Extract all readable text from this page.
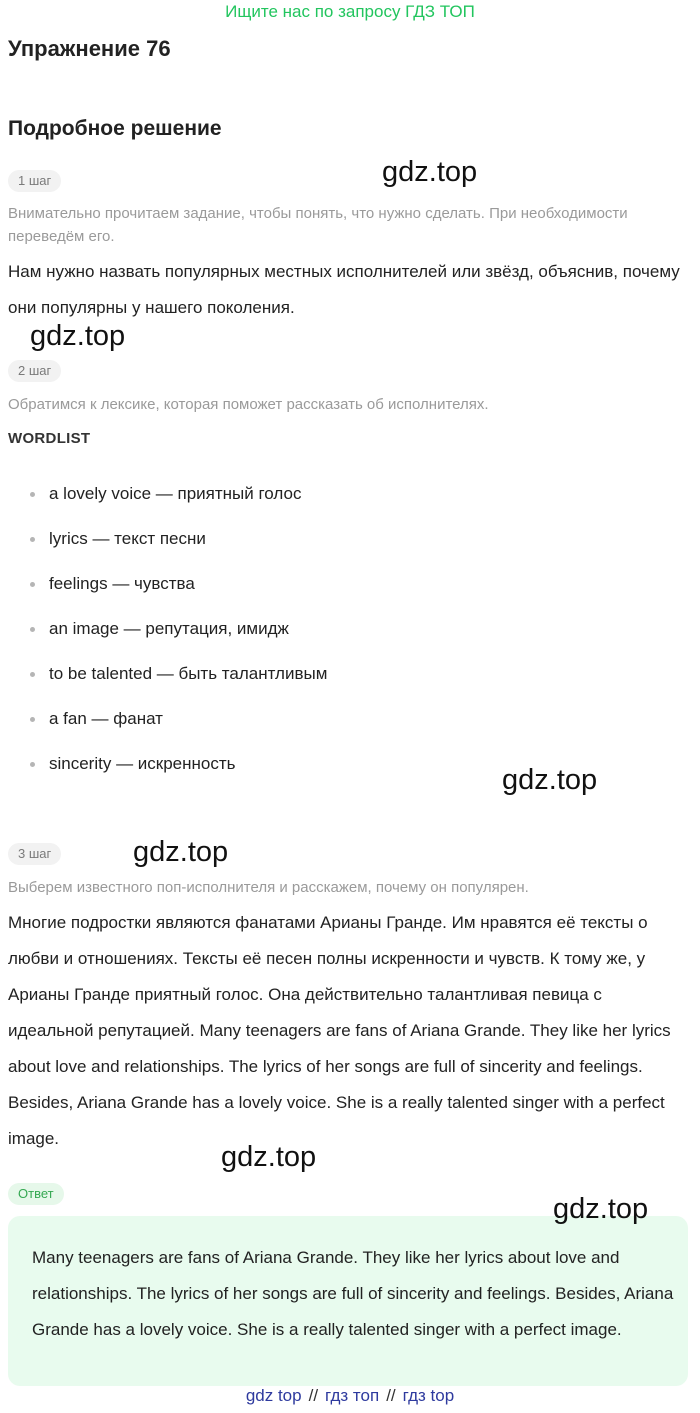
Ищите нас по запросу ГДЗ ТОП
Упражнение 76
Подробное решение
1 шаг
Внимательно прочитаем задание, чтобы понять, что нужно сделать. При необходимости переведём его.
Нам нужно назвать популярных местных исполнителей или звёзд, объяснив, почему они популярны у нашего поколения.
2 шаг
Обратимся к лексике, которая поможет рассказать об исполнителях.
WORDLIST
a lovely voice — приятный голос
lyrics — текст песни
feelings — чувства
an image — репутация, имидж
to be talented — быть талантливым
a fan — фанат
sincerity — искренность
3 шаг
Выберем известного поп-исполнителя и расскажем, почему он популярен.
Многие подростки являются фанатами Арианы Гранде. Им нравятся её тексты о любви и отношениях. Тексты её песен полны искренности и чувств. К тому же, у Арианы Гранде приятный голос. Она действительно талантливая певица с идеальной репутацией. Many teenagers are fans of Ariana Grande. They like her lyrics about love and relationships. The lyrics of her songs are full of sincerity and feelings. Besides, Ariana Grande has a lovely voice. She is a really talented singer with a perfect image.
Ответ
Many teenagers are fans of Ariana Grande. They like her lyrics about love and relationships. The lyrics of her songs are full of sincerity and feelings. Besides, Ariana Grande has a lovely voice. She is a really talented singer with a perfect image.
gdz.top
gdz.top
gdz.top
gdz.top
gdz.top
gdz.top
gdz top // гдз топ // гдз top
